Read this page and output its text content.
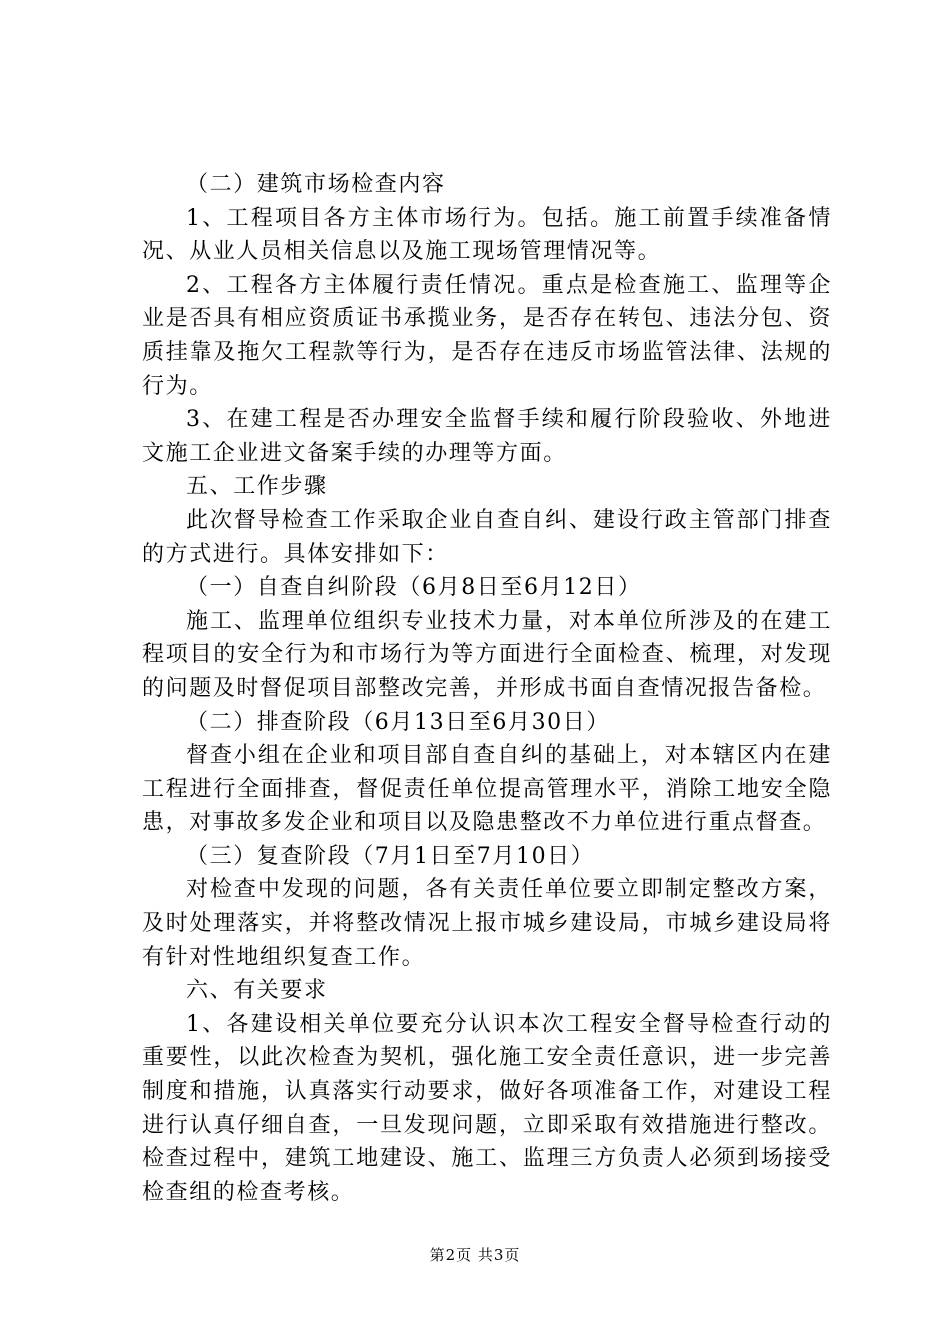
（二）建筑市场检查内容

1、工程项目各方主体市场行为。包括。施工前置手续准备情况、从业人员相关信息以及施工现场管理情况等。

2、工程各方主体履行责任情况。重点是检查施工、监理等企业是否具有相应资质证书承揽业务，是否存在转包、违法分包、资质挂靠及拖欠工程款等行为，是否存在违反市场监管法律、法规的行为。

3、在建工程是否办理安全监督手续和履行阶段验收、外地进文施工企业进文备案手续的办理等方面。

五、工作步骤

此次督导检查工作采取企业自查自纠、建设行政主管部门排查的方式进行。具体安排如下：

（一）自查自纠阶段（6月8日至6月12日）

施工、监理单位组织专业技术力量，对本单位所涉及的在建工程项目的安全行为和市场行为等方面进行全面检查、梳理，对发现的问题及时督促项目部整改完善，并形成书面自查情况报告备检。

（二）排查阶段（6月13日至6月30日）

督查小组在企业和项目部自查自纠的基础上，对本辖区内在建工程进行全面排查，督促责任单位提高管理水平，消除工地安全隐患，对事故多发企业和项目以及隐患整改不力单位进行重点督查。

（三）复查阶段（7月1日至7月10日）

对检查中发现的问题，各有关责任单位要立即制定整改方案，及时处理落实，并将整改情况上报市城乡建设局，市城乡建设局将有针对性地组织复查工作。

六、有关要求

1、各建设相关单位要充分认识本次工程安全督导检查行动的重要性，以此次检查为契机，强化施工安全责任意识，进一步完善制度和措施，认真落实行动要求，做好各项准备工作，对建设工程进行认真仔细自查，一旦发现问题，立即采取有效措施进行整改。检查过程中，建筑工地建设、施工、监理三方负责人必须到场接受检查组的检查考核。

第2页 共3页
